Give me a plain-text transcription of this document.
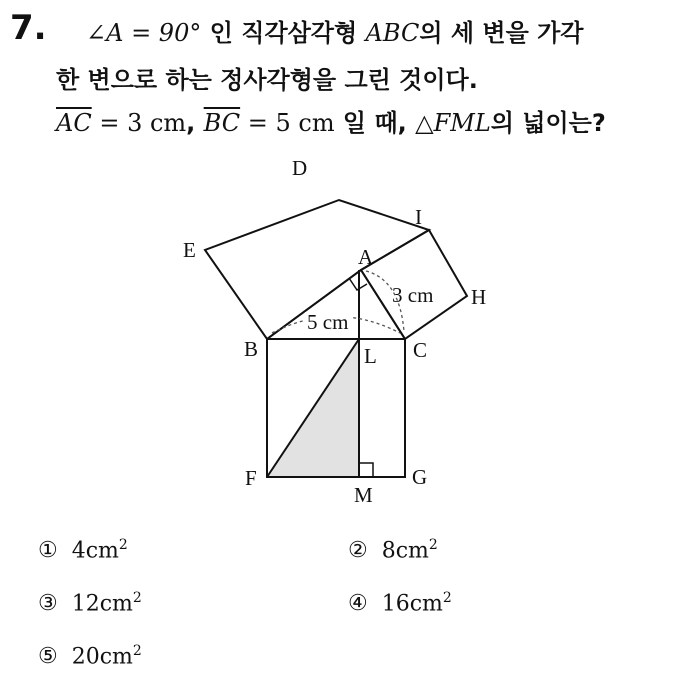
7. ∠A = 90° 인 직각삼각형 ABC의 세 변을 가각
한 변으로 하는 정사각형을 그린 것이다.
$\overline{AC} = 3$ cm, $\overline{BC} = 5$ cm 일 때, △FML의 넓이는?
5 cm
3 cm
D
I
E	A
H
B	C
L
F	G
M
① $4cm^2$	② $8cm^2$
③ $12cm^2$	④ $16cm^2$
⑤ $20cm^2$
